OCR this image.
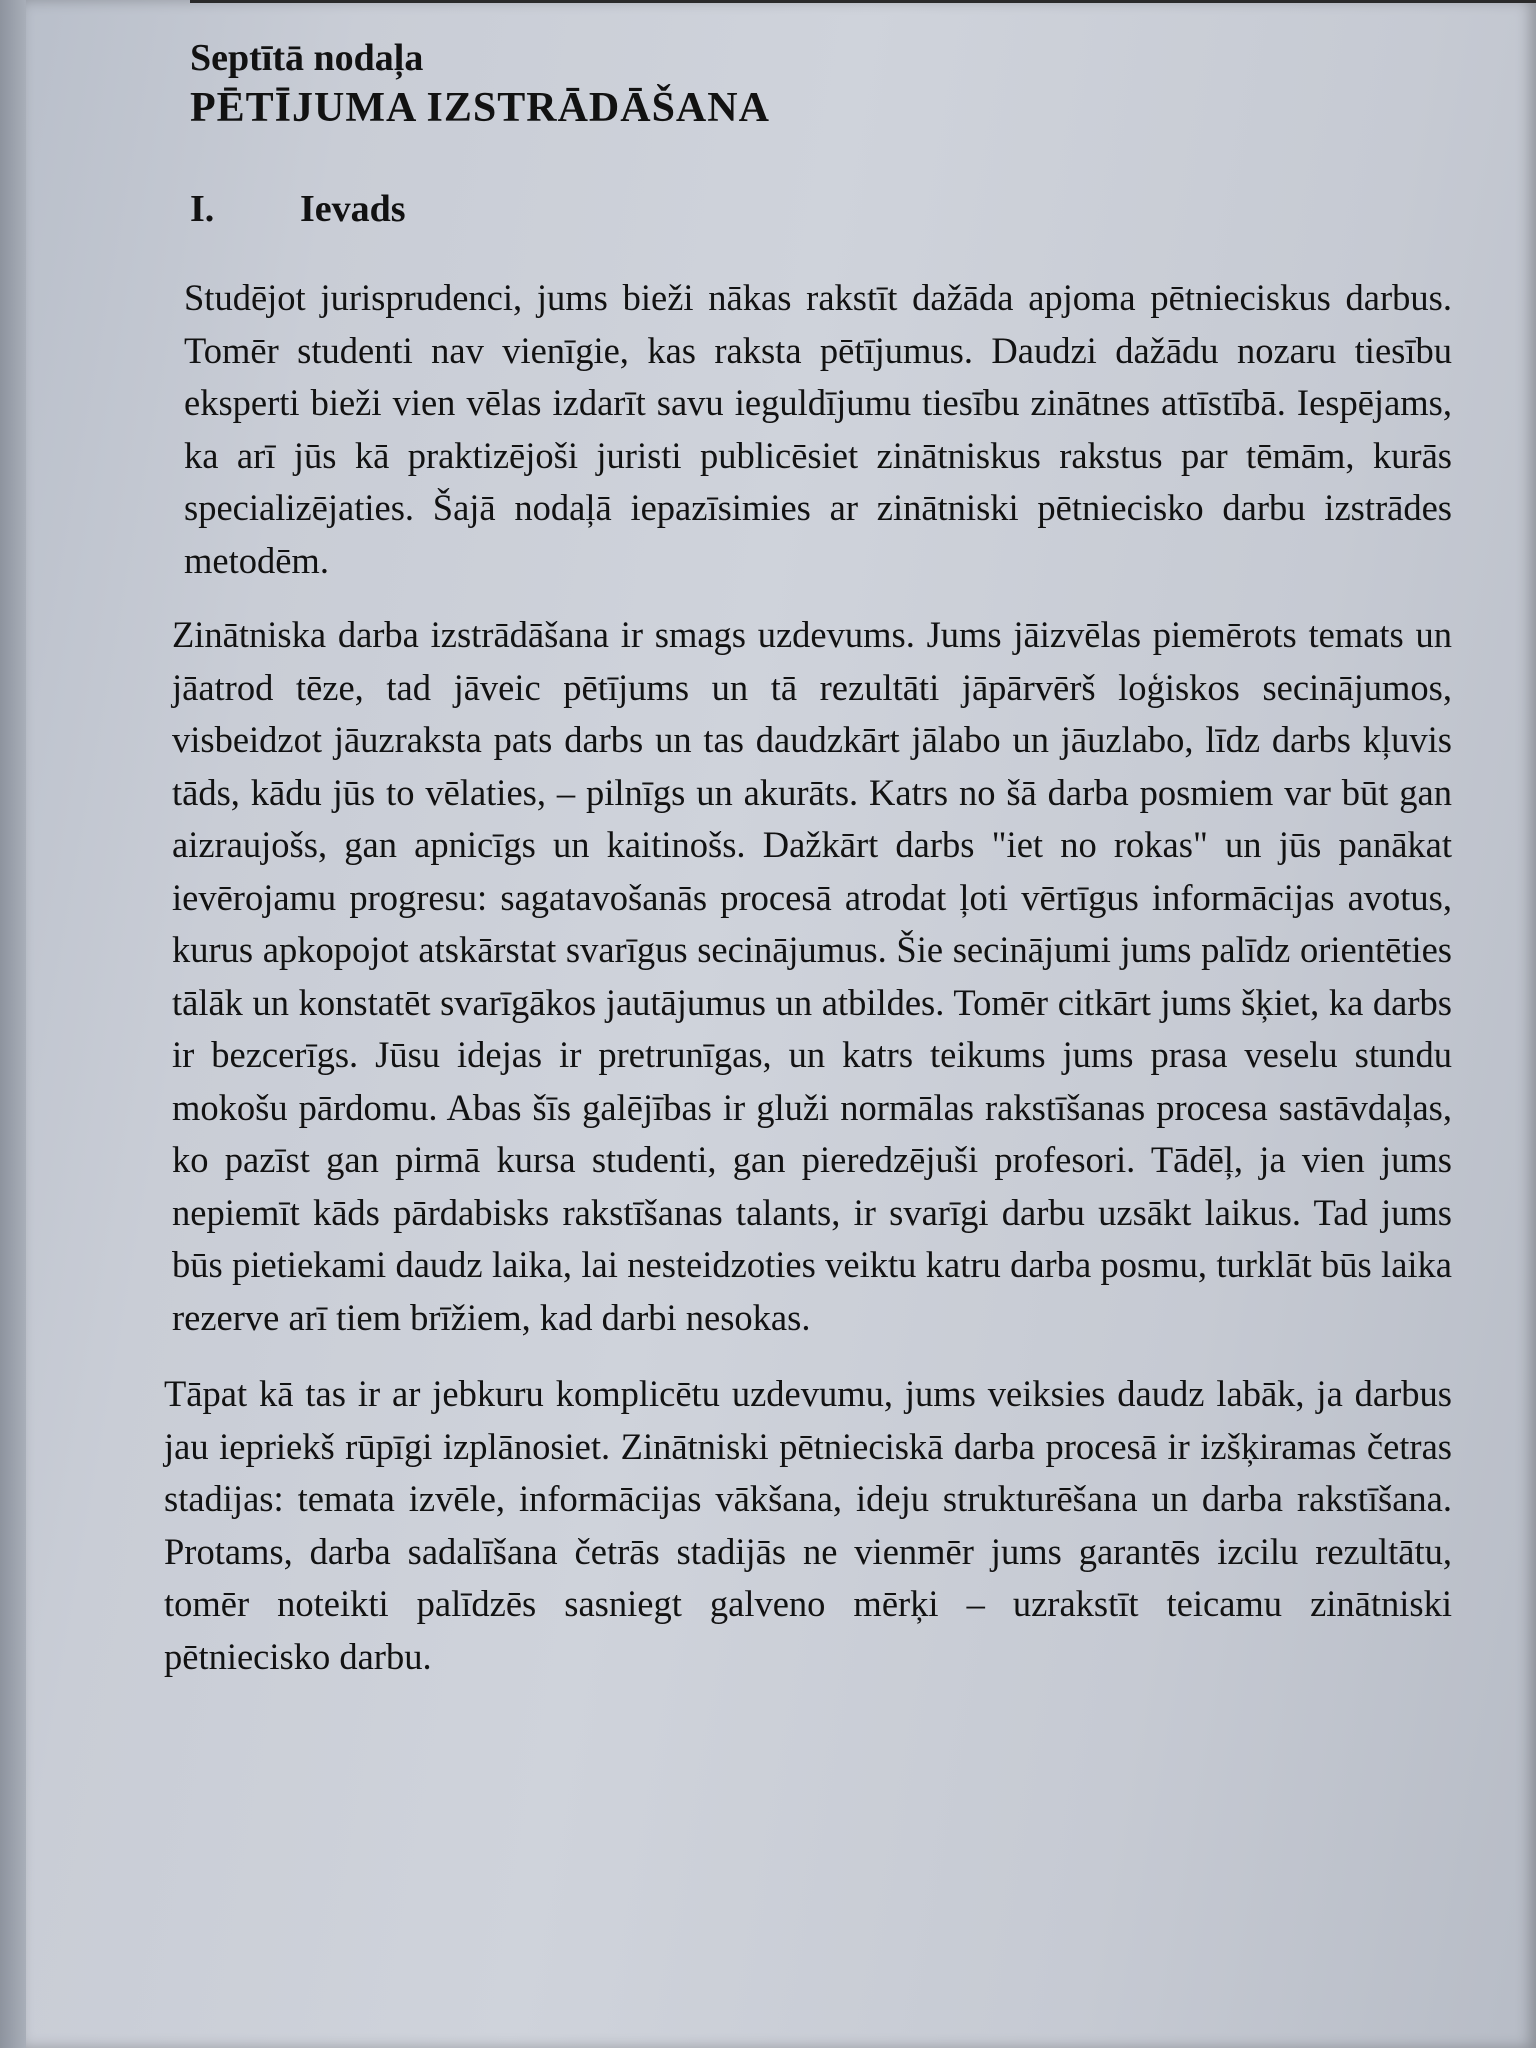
Septītā nodaļa
PĒTĪJUMA IZSTRĀDĀŠANA
I.	Ievads

Studējot jurisprudenci, jums bieži nākas rakstīt dažāda apjoma pētnieciskus darbus. Tomēr studenti nav vienīgie, kas raksta pētījumus. Daudzi dažādu nozaru tiesību eksperti bieži vien vēlas izdarīt savu ieguldījumu tiesību zinātnes attīstībā. Iespējams, ka arī jūs kā praktizējoši juristi publicēsiet zinātniskus rakstus par tēmām, kurās specializējaties. Šajā nodaļā iepazīsimies ar zinātniski pētniecisko darbu izstrādes metodēm.

Zinātniska darba izstrādāšana ir smags uzdevums. Jums jāizvēlas piemērots temats un jāatrod tēze, tad jāveic pētījums un tā rezultāti jāpārvērš loģiskos secinājumos, visbeidzot jāuzraksta pats darbs un tas daudzkārt jālabo un jāuzlabo, līdz darbs kļuvis tāds, kādu jūs to vēlaties, – pilnīgs un akurāts. Katrs no šā darba posmiem var būt gan aizraujošs, gan apnicīgs un kaitinošs. Dažkārt darbs "iet no rokas" un jūs panākat ievērojamu progresu: sagatavošanās procesā atrodat ļoti vērtīgus informācijas avotus, kurus apkopojot atskārstat svarīgus secinājumus. Šie secinājumi jums palīdz orientēties tālāk un konstatēt svarīgākos jautājumus un atbildes. Tomēr citkārt jums šķiet, ka darbs ir bezcerīgs. Jūsu idejas ir pretrunīgas, un katrs teikums jums prasa veselu stundu mokošu pārdomu. Abas šīs galējības ir gluži normālas rakstīšanas procesa sastāvdaļas, ko pazīst gan pirmā kursa studenti, gan pieredzējuši profesori. Tādēļ, ja vien jums nepiemīt kāds pārdabisks rakstīšanas talants, ir svarīgi darbu uzsākt laikus. Tad jums būs pietiekami daudz laika, lai nesteidzoties veiktu katru darba posmu, turklāt būs laika rezerve arī tiem brīžiem, kad darbi nesokas.

Tāpat kā tas ir ar jebkuru komplicētu uzdevumu, jums veiksies daudz labāk, ja darbus jau iepriekš rūpīgi izplānosiet. Zinātniski pētnieciskā darba procesā ir izšķiramas četras stadijas: temata izvēle, informācijas vākšana, ideju strukturēšana un darba rakstīšana. Protams, darba sadalīšana četrās stadijās ne vienmēr jums garantēs izcilu rezultātu, tomēr noteikti palīdzēs sasniegt galveno mērķi – uzrakstīt teicamu zinātniski pētniecisko darbu.
